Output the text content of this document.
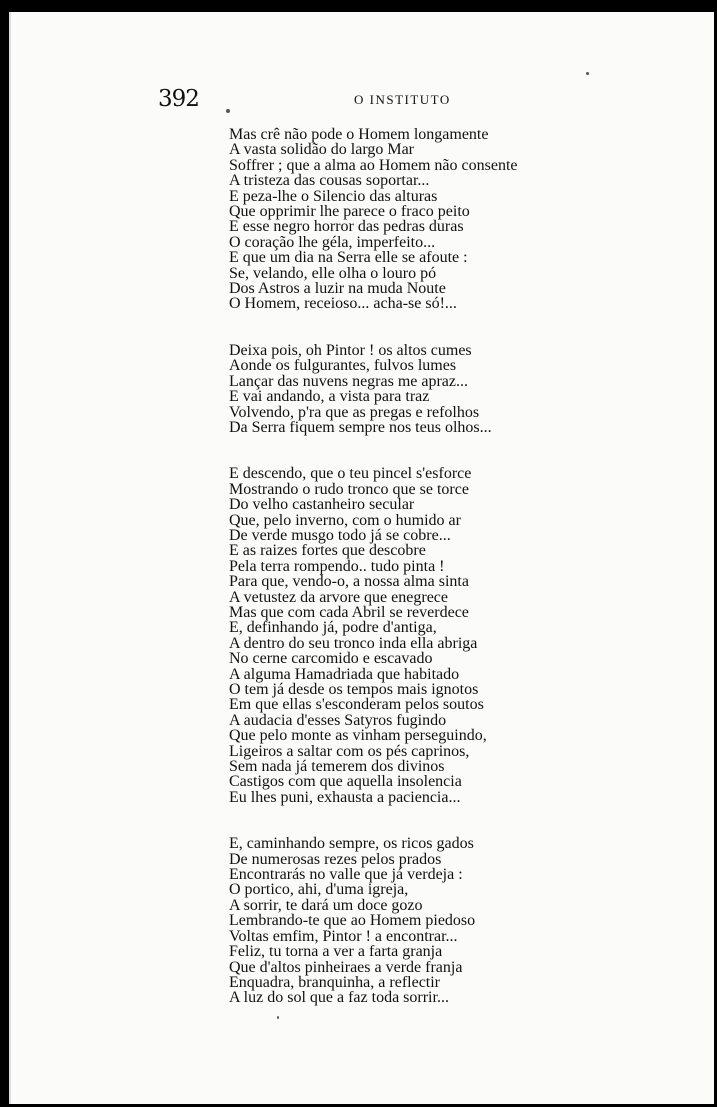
392	O INSTITUTO
Mas crê não pode o Homem longamente
A vasta solidão do largo Mar
Soffrer ; que a alma ao Homem não consente
A tristeza das cousas soportar...
E peza-lhe o Silencio das alturas
Que opprimir lhe parece o fraco peito
E esse negro horror das pedras duras
O coração lhe géla, imperfeito...
E que um dia na Serra elle se afoute :
Se, velando, elle olha o louro pó
Dos Astros a luzir na muda Noute
O Homem, receioso... acha-se só!...
Deixa pois, oh Pintor ! os altos cumes
Aonde os fulgurantes, fulvos lumes
Lançar das nuvens negras me apraz...
E vai andando, a vista para traz
Volvendo, p'ra que as pregas e refolhos
Da Serra fiquem sempre nos teus olhos...
E descendo, que o teu pincel s'esforce
Mostrando o rudo tronco que se torce
Do velho castanheiro secular
Que, pelo inverno, com o humido ar
De verde musgo todo já se cobre...
E as raizes fortes que descobre
Pela terra rompendo.. tudo pinta !
Para que, vendo-o, a nossa alma sinta
A vetustez da arvore que enegrece
Mas que com cada Abril se reverdece
E, definhando já, podre d'antiga,
A dentro do seu tronco inda ella abriga
No cerne carcomido e escavado
A alguma Hamadriada que habitado
O tem já desde os tempos mais ignotos
Em que ellas s'esconderam pelos soutos
A audacia d'esses Satyros fugindo
Que pelo monte as vinham perseguindo,
Ligeiros a saltar com os pés caprinos,
Sem nada já temerem dos divinos
Castigos com que aquella insolencia
Eu lhes puni, exhausta a paciencia...
E, caminhando sempre, os ricos gados
De numerosas rezes pelos prados
Encontrarás no valle que já verdeja :
O portico, ahi, d'uma igreja,
A sorrir, te dará um doce gozo
Lembrando-te que ao Homem piedoso
Voltas emfim, Pintor ! a encontrar...
Feliz, tu torna a ver a farta granja
Que d'altos pinheiraes a verde franja
Enquadra, branquinha, a reflectir
A luz do sol que a faz toda sorrir...
